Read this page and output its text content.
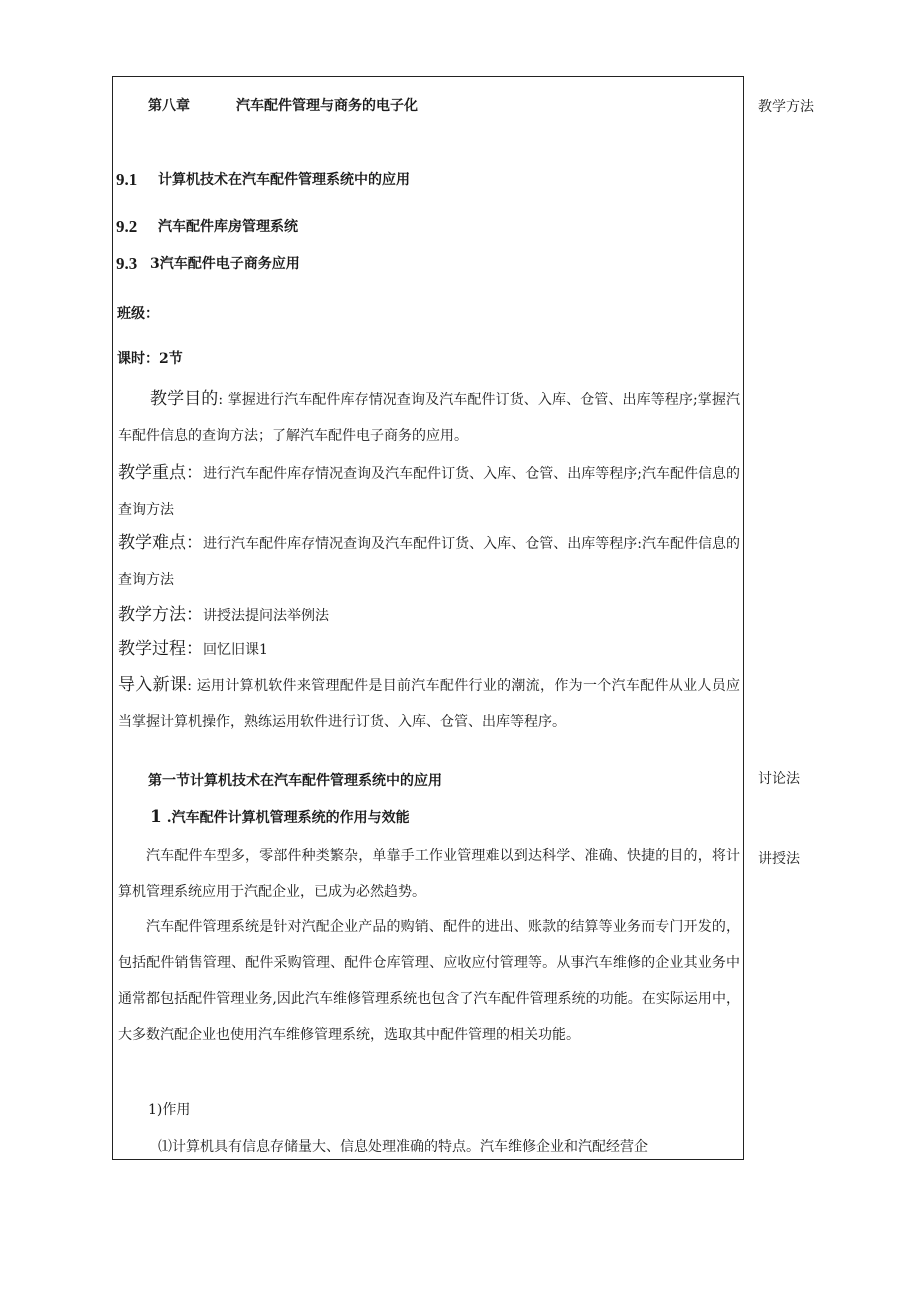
教学方法
讨论法
讲授法
第八章	汽车配件管理与商务的电子化
9.1 计算机技术在汽车配件管理系统中的应用
9.2 汽车配件库房管理系统
9.3 3汽车配件电子商务应用
班级：
课时：2节
教学目的: 掌握进行汽车配件库存情况查询及汽车配件订货、入库、仓管、出库等程序;掌握汽车配件信息的查询方法；了解汽车配件电子商务的应用。
教学重点：进行汽车配件库存情况查询及汽车配件订货、入库、仓管、出库等程序;汽车配件信息的查询方法
教学难点：进行汽车配件库存情况查询及汽车配件订货、入库、仓管、出库等程序:汽车配件信息的查询方法
教学方法：讲授法提问法举例法
教学过程：回忆旧课1
导入新课: 运用计算机软件来管理配件是目前汽车配件行业的潮流，作为一个汽车配件从业人员应当掌握计算机操作，熟练运用软件进行订货、入库、仓管、出库等程序。
第一节计算机技术在汽车配件管理系统中的应用
1 .汽车配件计算机管理系统的作用与效能
汽车配件车型多，零部件种类繁杂，单靠手工作业管理难以到达科学、准确、快捷的目的，将计算机管理系统应用于汽配企业，已成为必然趋势。
汽车配件管理系统是针对汽配企业产品的购销、配件的进出、账款的结算等业务而专门开发的，包括配件销售管理、配件采购管理、配件仓库管理、应收应付管理等。从事汽车维修的企业其业务中通常都包括配件管理业务,因此汽车维修管理系统也包含了汽车配件管理系统的功能。在实际运用中，大多数汽配企业也使用汽车维修管理系统，选取其中配件管理的相关功能。
1)作用
⑴计算机具有信息存储量大、信息处理准确的特点。汽车维修企业和汽配经营企
